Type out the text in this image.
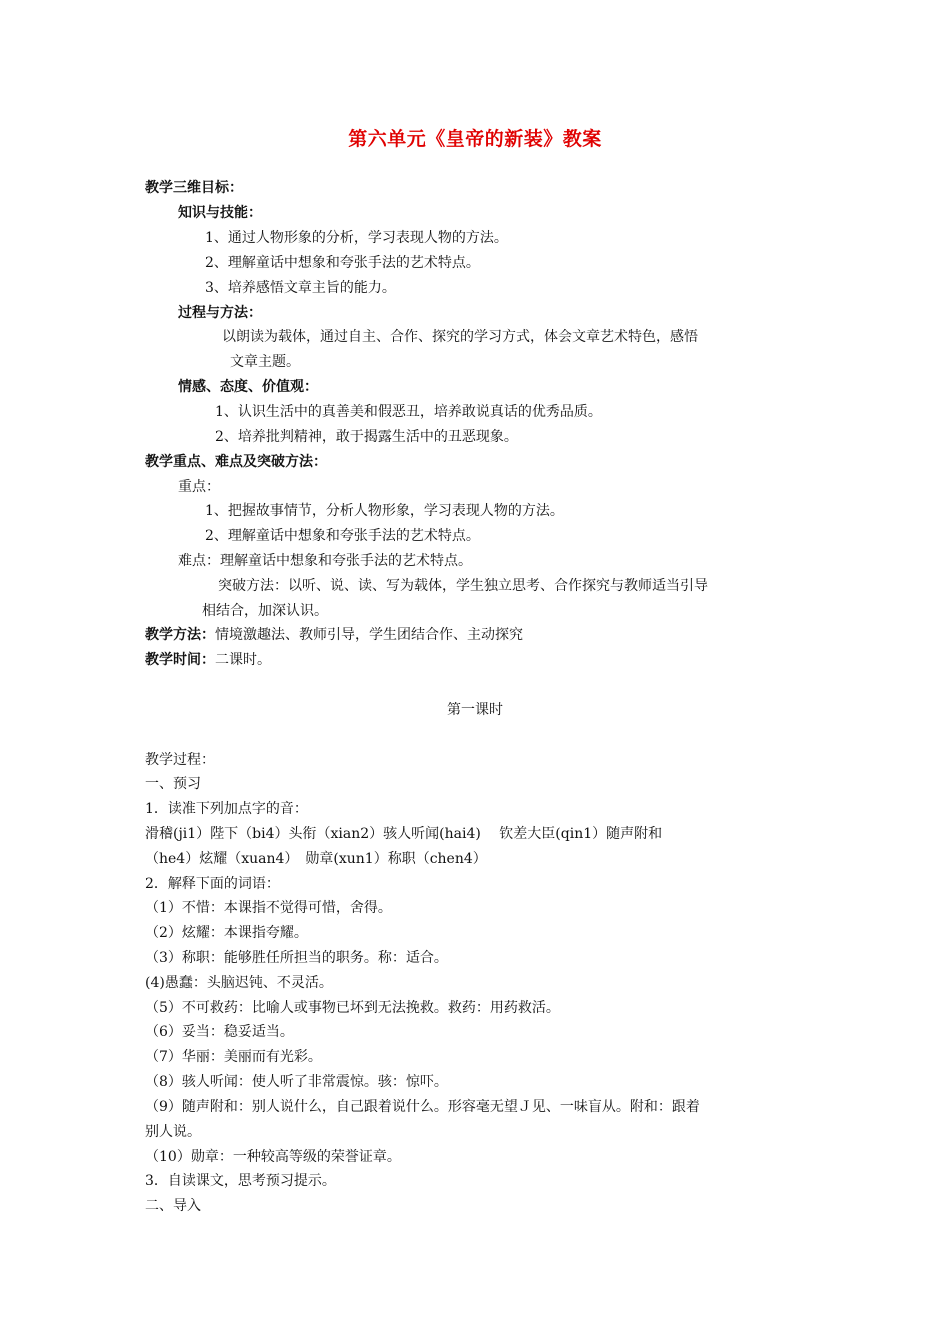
第六单元《皇帝的新装》教案
教学三维目标：
知识与技能：
1、通过人物形象的分析，学习表现人物的方法。
2、理解童话中想象和夸张手法的艺术特点。
3、培养感悟文章主旨的能力。
过程与方法：
以朗读为载体，通过自主、合作、探究的学习方式，体会文章艺术特色，感悟
文章主题。
情感、态度、价值观：
1、认识生活中的真善美和假恶丑，培养敢说真话的优秀品质。
2、培养批判精神，敢于揭露生活中的丑恶现象。
教学重点、难点及突破方法：
重点：
1、把握故事情节，分析人物形象，学习表现人物的方法。
2、理解童话中想象和夸张手法的艺术特点。
难点：理解童话中想象和夸张手法的艺术特点。
突破方法：以听、说、读、写为载体，学生独立思考、合作探究与教师适当引导
相结合，加深认识。
教学方法：情境激趣法、教师引导，学生团结合作、主动探究
教学时间：二课时。
第一课时
教学过程：
一、预习
1．读准下列加点字的音：
滑稽(ji1）陛下（bi4）头衔（xian2）骇人听闻(hai4)　 钦差大臣(qin1）随声附和
（he4）炫耀（xuan4）　勋章(xun1）称职（chen4）
2．解释下面的词语：
（1）不惜：本课指不觉得可惜，舍得。
（2）炫耀：本课指夸耀。
（3）称职：能够胜任所担当的职务。称：适合。
(4)愚蠢：头脑迟钝、不灵活。
（5）不可救药：比喻人或事物已坏到无法挽救。救药：用药救活。
（6）妥当：稳妥适当。
（7）华丽：美丽而有光彩。
（8）骇人听闻：使人听了非常震惊。骇：惊吓。
（9）随声附和：别人说什么，自己跟着说什么。形容毫无望Ｊ见、一味盲从。附和：跟着
别人说。
（10）勋章：一种较高等级的荣誉证章。
3．自读课文，思考预习提示。
二、导入
